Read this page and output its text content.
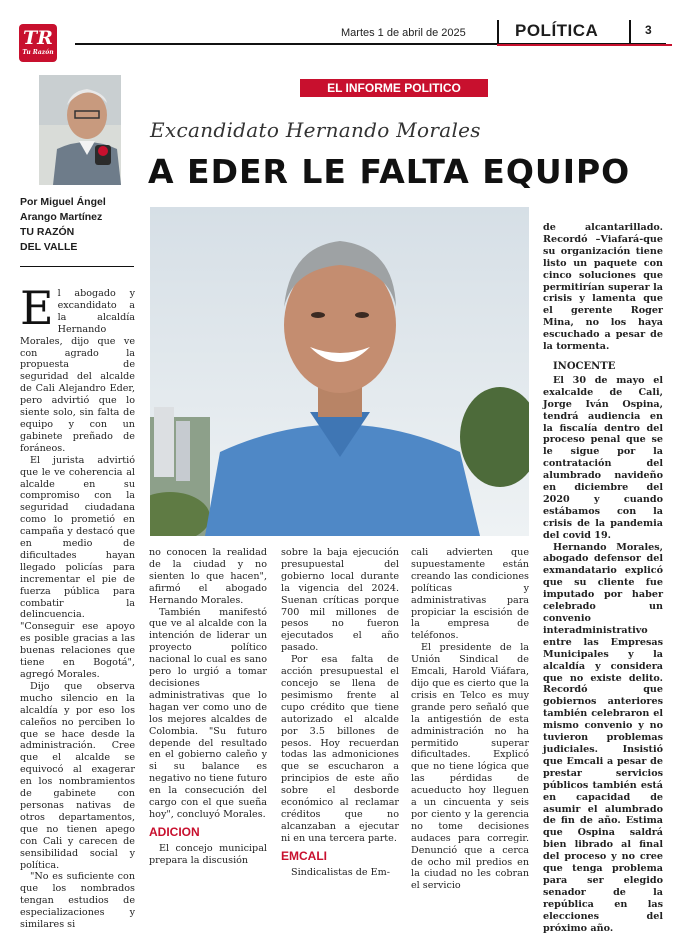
TR
Tu Razón
Martes 1 de abril de 2025	POLÍTICA	3
Por Miguel Ángel
Arango Martínez
TU RAZÓN
DEL VALLE
EL INFORME POLITICO
Excandidato Hernando Morales
A EDER LE FALTA EQUIPO

El abogado y excandidato a la alcaldía Hernando Morales, dijo que ve con agrado la propuesta de seguridad del alcalde de Cali Alejandro Eder, pero advirtió que lo siente solo, sin falta de equipo y con un gabinete preñado de foráneos.

El jurista advirtió que le ve coherencia al alcalde en su compromiso con la seguridad ciudadana como lo prometió en campaña y destacó que en medio de dificultades hayan llegado policías para incrementar el pie de fuerza pública para combatir la delincuencia. "Conseguir ese apoyo es posible gracias a las buenas relaciones que tiene en Bogotá", agregó Morales.

Dijo que observa mucho silencio en la alcaldía y por eso los caleños no perciben lo que se hace desde la administración. Cree que el alcalde se equivocó al exagerar en los nombramientos de gabinete con personas nativas de otros departamentos, que no tienen apego con Cali y carecen de sensibilidad social y política.

"No es suficiente con que los nombrados tengan estudios de especializaciones y similares si

no conocen la realidad de la ciudad y no sienten lo que hacen", afirmó el abogado Hernando Morales.

También manifestó que ve al alcalde con la intención de liderar un proyecto político nacional lo cual es sano pero lo urgió a tomar decisiones administrativas que lo hagan ver como uno de los mejores alcaldes de Colombia. "Su futuro depende del resultado en el gobierno caleño y si su balance es negativo no tiene futuro en la consecución del cargo con el que sueña hoy", concluyó Morales.

ADICION

El concejo municipal prepara la discusión

sobre la baja ejecución presupuestal del gobierno local durante la vigencia del 2024. Suenan críticas porque 700 mil millones de pesos no fueron ejecutados el año pasado.

Por esa falta de acción presupuestal el concejo se llena de pesimismo frente al cupo crédito que tiene autorizado el alcalde por 3.5 billones de pesos. Hoy recuerdan todas las admoniciones que se escucharon a principios de este año sobre el desborde económico al reclamar créditos que no alcanzaban a ejecutar ni en una tercera parte.

EMCALI

Sindicalistas de Em-

cali advierten que supuestamente están creando las condiciones políticas y administrativas para propiciar la escisión de la empresa de teléfonos.

El presidente de la Unión Sindical de Emcali, Harold Viáfara, dijo que es cierto que la crisis en Telco es muy grande pero señaló que la antigestión de esta administración no ha permitido superar dificultades. Explicó que no tiene lógica que las pérdidas de acueducto hoy lleguen a un cincuenta y seis por ciento y la gerencia no tome decisiones audaces para corregir. Denunció que a cerca de ocho mil predios en la ciudad no les cobran el servicio

de alcantarillado. Recordó –Viafará-que su organización tiene listo un paquete con cinco soluciones que permitirían superar la crisis y lamenta que el gerente Roger Mina, no los haya escuchado a pesar de la tormenta.

INOCENTE

El 30 de mayo el exalcalde de Cali, Jorge Iván Ospina, tendrá audiencia en la fiscalía dentro del proceso penal que se le sigue por la contratación del alumbrado navideño en diciembre del 2020 y cuando estábamos con la crisis de la pandemia del covid 19.

Hernando Morales, abogado defensor del exmandatario explicó que su cliente fue imputado por haber celebrado un convenio interadministrativo entre las Empresas Municipales y la alcaldía y considera que no existe delito. Recordó que gobiernos anteriores también celebraron el mismo convenio y no tuvieron problemas judiciales. Insistió que Emcali a pesar de prestar servicios públicos también está en capacidad de asumir el alumbrado de fin de año. Estima que Ospina saldrá bien librado al final del proceso y no cree que tenga problema para ser elegido senador de la república en las elecciones del próximo año.
